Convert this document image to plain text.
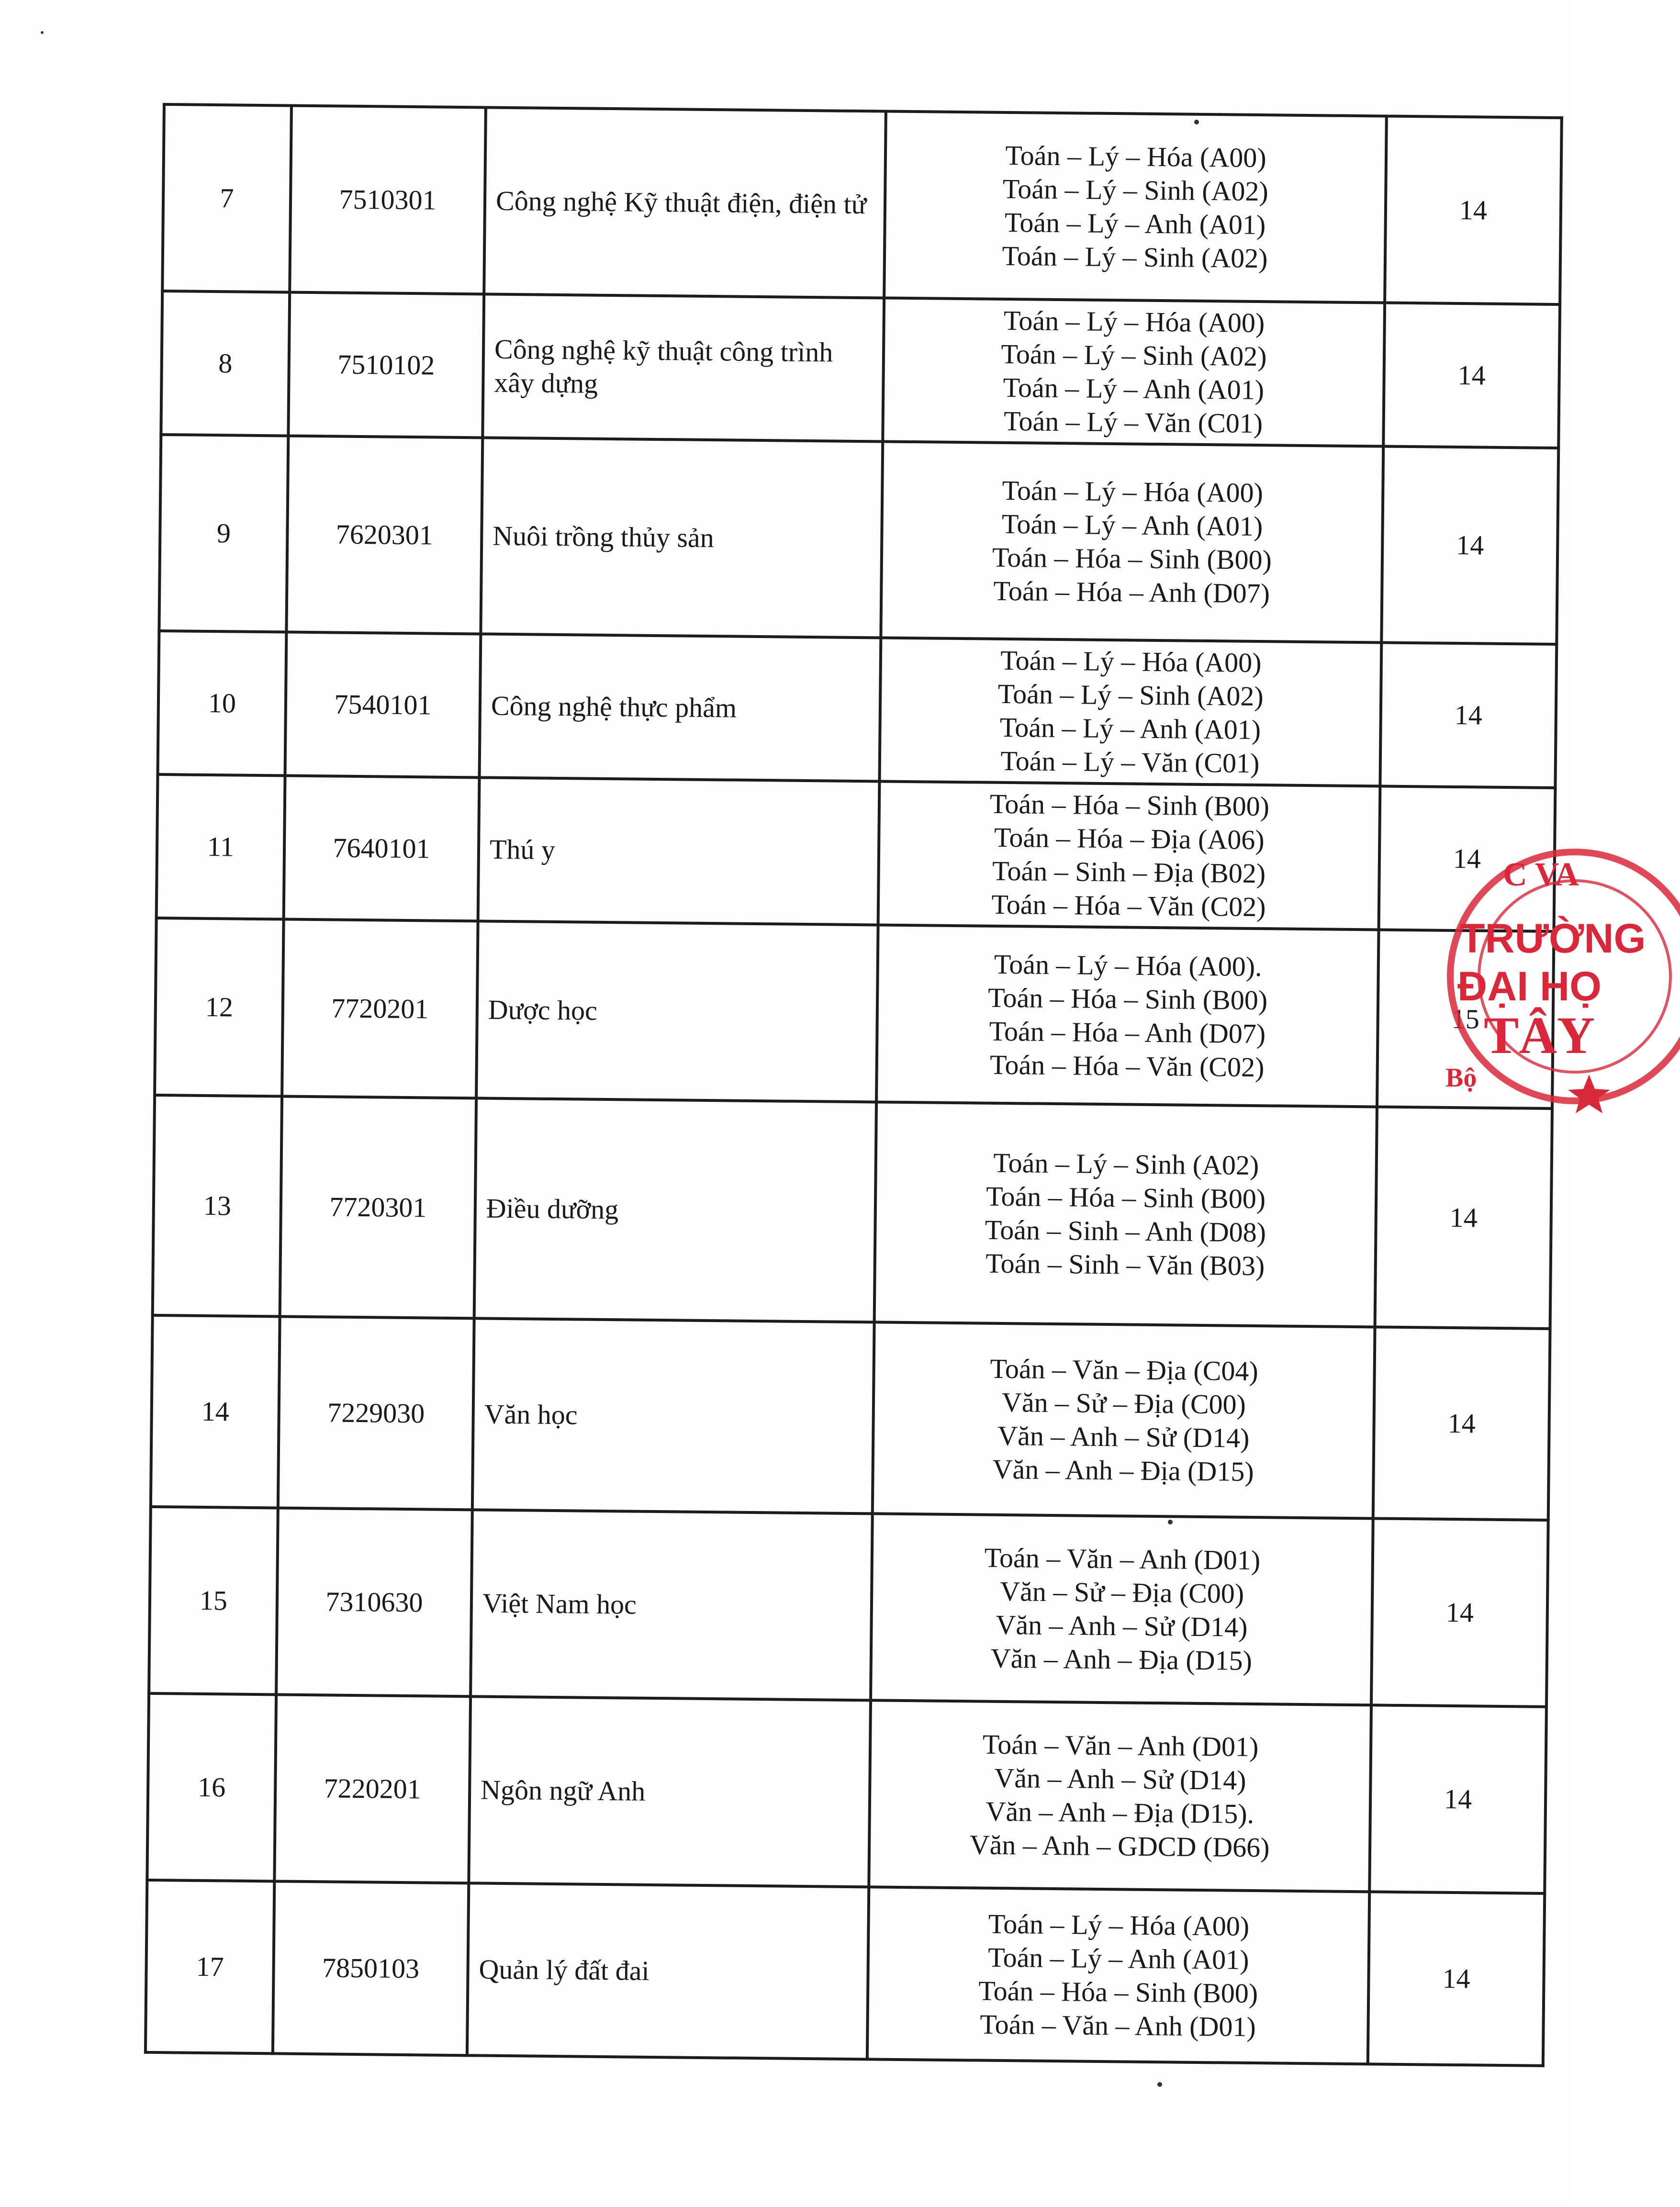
7	7510301	Công nghệ Kỹ thuật điện, điện tử	Toán – Lý – Hóa (A00)
Toán – Lý – Sinh (A02)
Toán – Lý – Anh (A01)
Toán – Lý – Sinh (A02)	14
8	7510102	Công nghệ kỹ thuật công trình xây dựng	Toán – Lý – Hóa (A00)
Toán – Lý – Sinh (A02)
Toán – Lý – Anh (A01)
Toán – Lý – Văn (C01)	14
9	7620301	Nuôi trồng thủy sản	Toán – Lý – Hóa (A00)
Toán – Lý – Anh (A01)
Toán – Hóa – Sinh (B00)
Toán – Hóa – Anh (D07)	14
10	7540101	Công nghệ thực phẩm	Toán – Lý – Hóa (A00)
Toán – Lý – Sinh (A02)
Toán – Lý – Anh (A01)
Toán – Lý – Văn (C01)	14
11	7640101	Thú y	Toán – Hóa – Sinh (B00)
Toán – Hóa – Địa (A06)
Toán – Sinh – Địa (B02)
Toán – Hóa – Văn (C02)	14
12	7720201	Dược học	Toán – Lý – Hóa (A00).
Toán – Hóa – Sinh (B00)
Toán – Hóa – Anh (D07)
Toán – Hóa – Văn (C02)	15
13	7720301	Điều dưỡng	Toán – Lý – Sinh (A02)
Toán – Hóa – Sinh (B00)
Toán – Sinh – Anh (D08)
Toán – Sinh – Văn (B03)	14
14	7229030	Văn học	Toán – Văn – Địa (C04)
Văn – Sử – Địa (C00)
Văn – Anh – Sử (D14)
Văn – Anh – Địa (D15)	14
15	7310630	Việt Nam học	Toán – Văn – Anh (D01)
Văn – Sử – Địa (C00)
Văn – Anh – Sử (D14)
Văn – Anh – Địa (D15)	14
16	7220201	Ngôn ngữ Anh	Toán – Văn – Anh (D01)
Văn – Anh – Sử (D14)
Văn – Anh – Địa (D15).
Văn – Anh – GDCD (D66)	14
17	7850103	Quản lý đất đai	Toán – Lý – Hóa (A00)
Toán – Lý – Anh (A01)
Toán – Hóa – Sinh (B00)
Toán – Văn – Anh (D01)	14
C VA
TRƯỜNG
ĐẠI HỌ
TÂY
Bộ
